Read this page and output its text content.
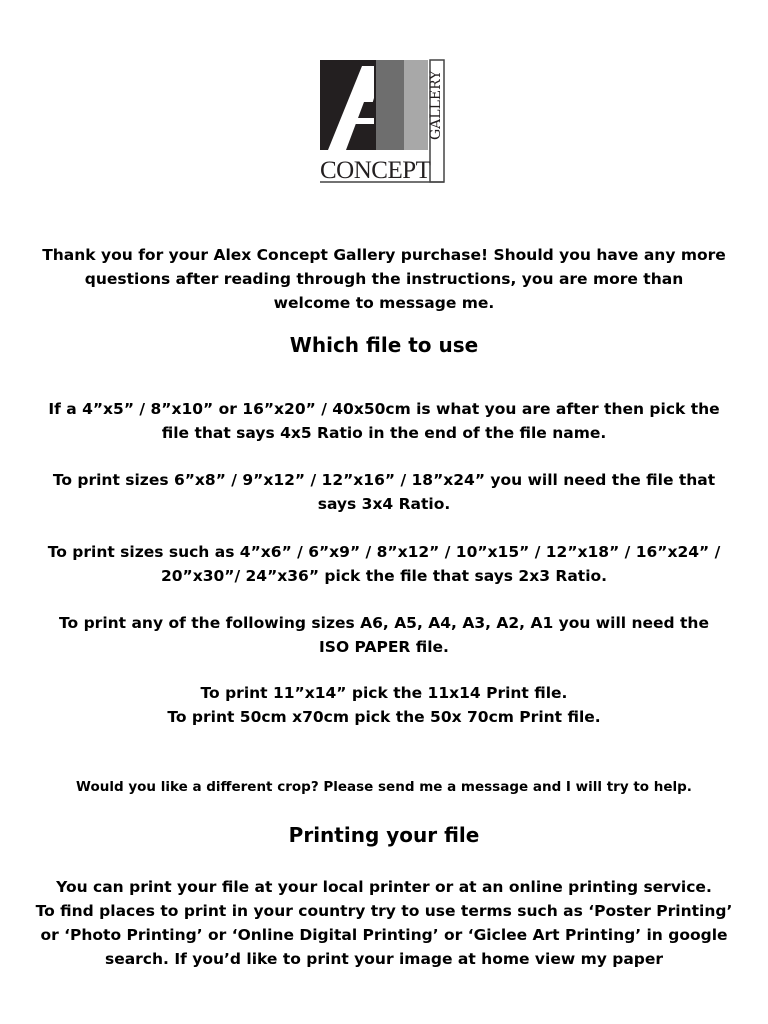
GALLERY
CONCEPT
Thank you for your Alex Concept Gallery purchase! Should you have any more
questions after reading through the instructions, you are more than
welcome to message me.
Which file to use
If a 4”x5” / 8”x10” or 16”x20” / 40x50cm is what you are after then pick the
file that says 4x5 Ratio in the end of the file name.
To print sizes 6”x8” / 9”x12” / 12”x16” / 18”x24” you will need the file that
says 3x4 Ratio.
To print sizes such as 4”x6” / 6”x9” / 8”x12” / 10”x15” / 12”x18” / 16”x24” /
20”x30”/ 24”x36” pick the file that says 2x3 Ratio.
To print any of the following sizes A6, A5, A4, A3, A2, A1 you will need the
ISO PAPER file.
To print 11”x14” pick the 11x14 Print file.
To print 50cm x70cm pick the 50x 70cm Print file.
Would you like a different crop? Please send me a message and I will try to help.
Printing your file
You can print your file at your local printer or at an online printing service.
To find places to print in your country try to use terms such as ‘Poster Printing’
or ‘Photo Printing’ or ‘Online Digital Printing’ or ‘Giclee Art Printing’ in google
search. If you’d like to print your image at home view my paper
